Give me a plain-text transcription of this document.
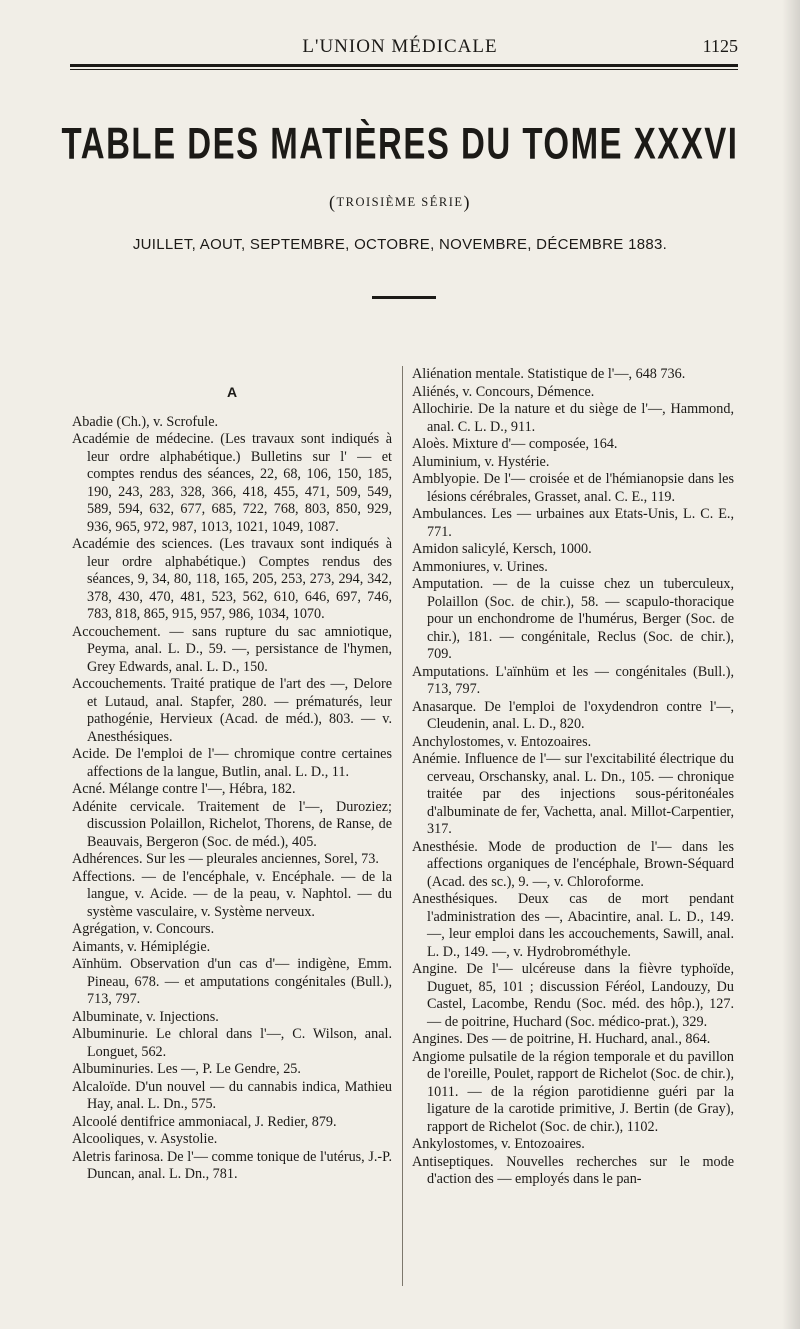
L'UNION MÉDICALE	1125
TABLE DES MATIÈRES DU TOME XXXVI
(TROISIÈME SÉRIE)
JUILLET, AOUT, SEPTEMBRE, OCTOBRE, NOVEMBRE, DÉCEMBRE 1883.
A

Abadie (Ch.), v. Scrofule.

Académie de médecine. (Les travaux sont indiqués à leur ordre alphabétique.) Bulletins sur l' — et comptes rendus des séances, 22, 68, 106, 150, 185, 190, 243, 283, 328, 366, 418, 455, 471, 509, 549, 589, 594, 632, 677, 685, 722, 768, 803, 850, 929, 936, 965, 972, 987, 1013, 1021, 1049, 1087.

Académie des sciences. (Les travaux sont indiqués à leur ordre alphabétique.) Comptes rendus des séances, 9, 34, 80, 118, 165, 205, 253, 273, 294, 342, 378, 430, 470, 481, 523, 562, 610, 646, 697, 746, 783, 818, 865, 915, 957, 986, 1034, 1070.

Accouchement. — sans rupture du sac amniotique, Peyma, anal. L. D., 59. —, persistance de l'hymen, Grey Edwards, anal. L. D., 150.

Accouchements. Traité pratique de l'art des —, Delore et Lutaud, anal. Stapfer, 280. — prématurés, leur pathogénie, Hervieux (Acad. de méd.), 803. — v. Anesthésiques.

Acide. De l'emploi de l'— chromique contre certaines affections de la langue, Butlin, anal. L. D., 11.

Acné. Mélange contre l'—, Hébra, 182.

Adénite cervicale. Traitement de l'—, Duroziez; discussion Polaillon, Richelot, Thorens, de Ranse, de Beauvais, Bergeron (Soc. de méd.), 405.

Adhérences. Sur les — pleurales anciennes, Sorel, 73.

Affections. — de l'encéphale, v. Encéphale. — de la langue, v. Acide. — de la peau, v. Naphtol. — du système vasculaire, v. Système nerveux.

Agrégation, v. Concours.

Aimants, v. Hémiplégie.

Aïnhüm. Observation d'un cas d'— indigène, Emm. Pineau, 678. — et amputations congénitales (Bull.), 713, 797.

Albuminate, v. Injections.

Albuminurie. Le chloral dans l'—, C. Wilson, anal. Longuet, 562.

Albuminuries. Les —, P. Le Gendre, 25.

Alcaloïde. D'un nouvel — du cannabis indica, Mathieu Hay, anal. L. Dn., 575.

Alcoolé dentifrice ammoniacal, J. Redier, 879.

Alcooliques, v. Asystolie.

Aletris farinosa. De l'— comme tonique de l'utérus, J.-P. Duncan, anal. L. Dn., 781.

Aliénation mentale. Statistique de l'—, 648 736.

Aliénés, v. Concours, Démence.

Allochirie. De la nature et du siège de l'—, Hammond, anal. C. L. D., 911.

Aloès. Mixture d'— composée, 164.

Aluminium, v. Hystérie.

Amblyopie. De l'— croisée et de l'hémianopsie dans les lésions cérébrales, Grasset, anal. C. E., 119.

Ambulances. Les — urbaines aux Etats-Unis, L. C. E., 771.

Amidon salicylé, Kersch, 1000.

Ammoniures, v. Urines.

Amputation. — de la cuisse chez un tuberculeux, Polaillon (Soc. de chir.), 58. — scapulo-thoracique pour un enchondrome de l'humérus, Berger (Soc. de chir.), 181. — congénitale, Reclus (Soc. de chir.), 709.

Amputations. L'aïnhüm et les — congénitales (Bull.), 713, 797.

Anasarque. De l'emploi de l'oxydendron contre l'—, Cleudenin, anal. L. D., 820.

Anchylostomes, v. Entozoaires.

Anémie. Influence de l'— sur l'excitabilité électrique du cerveau, Orschansky, anal. L. Dn., 105. — chronique traitée par des injections sous-péritonéales d'albuminate de fer, Vachetta, anal. Millot-Carpentier, 317.

Anesthésie. Mode de production de l'— dans les affections organiques de l'encéphale, Brown-Séquard (Acad. des sc.), 9. —, v. Chloroforme.

Anesthésiques. Deux cas de mort pendant l'administration des —, Abacintire, anal. L. D., 149. —, leur emploi dans les accouchements, Sawill, anal. L. D., 149. —, v. Hydrobrométhyle.

Angine. De l'— ulcéreuse dans la fièvre typhoïde, Duguet, 85, 101 ; discussion Féréol, Landouzy, Du Castel, Lacombe, Rendu (Soc. méd. des hôp.), 127. — de poitrine, Huchard (Soc. médico-prat.), 329.

Angines. Des — de poitrine, H. Huchard, anal., 864.

Angiome pulsatile de la région temporale et du pavillon de l'oreille, Poulet, rapport de Richelot (Soc. de chir.), 1011. — de la région parotidienne guéri par la ligature de la carotide primitive, J. Bertin (de Gray), rapport de Richelot (Soc. de chir.), 1102.

Ankylostomes, v. Entozoaires.

Antiseptiques. Nouvelles recherches sur le mode d'action des — employés dans le pan-
